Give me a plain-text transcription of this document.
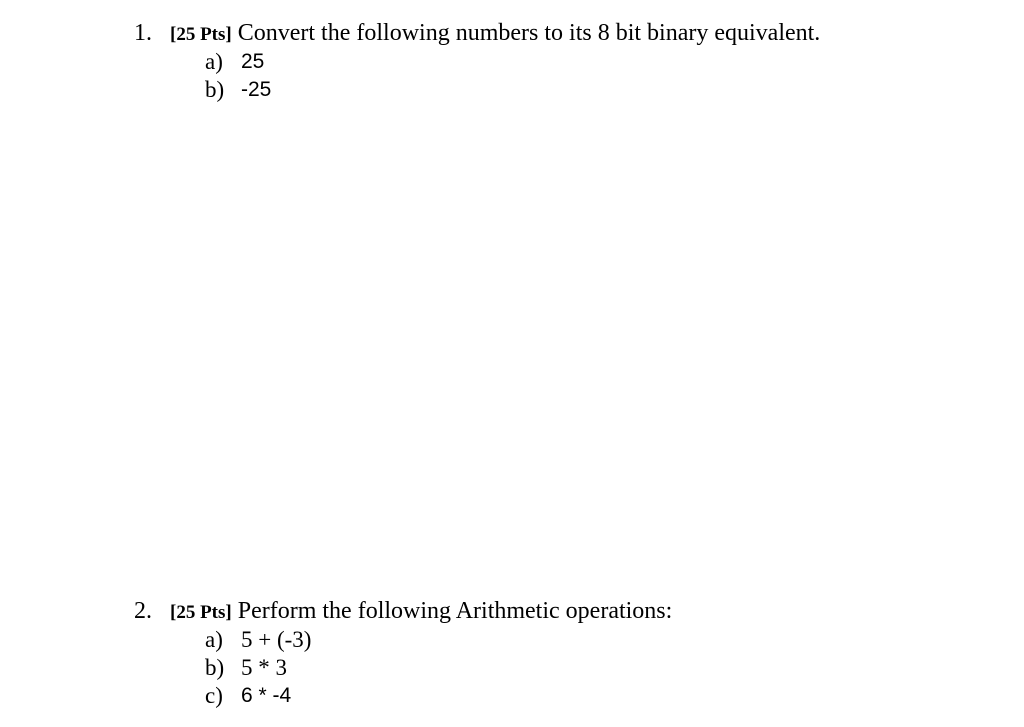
1. [25 Pts] Convert the following numbers to its 8 bit binary equivalent.
a) 25
b) -25
2. [25 Pts] Perform the following Arithmetic operations:
a) 5 + (-3)
b) 5 * 3
c) 6 * -4
